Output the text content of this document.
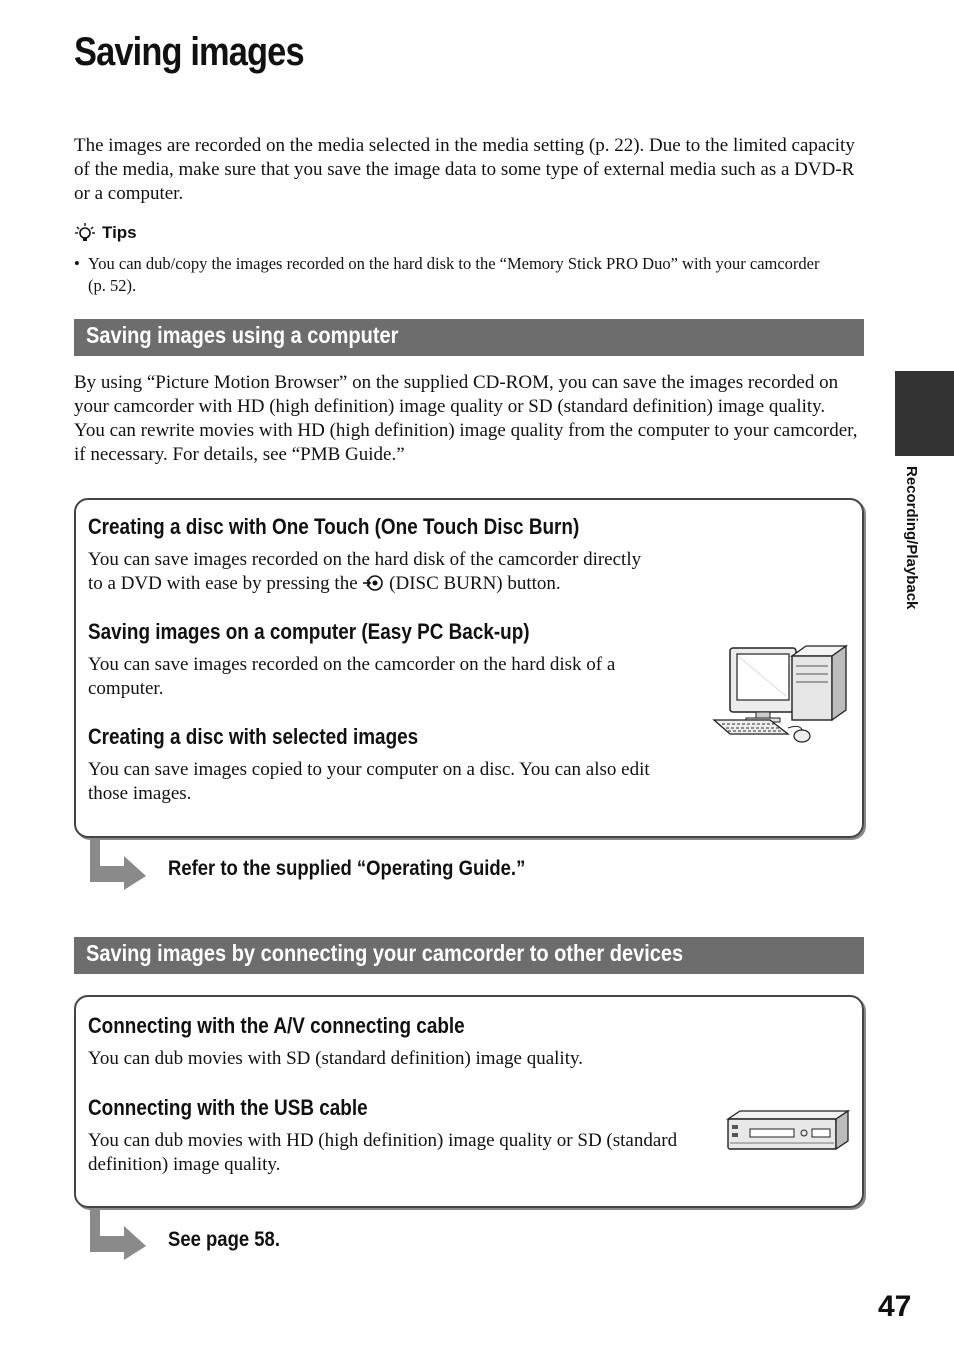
Saving images

The images are recorded on the media selected in the media setting (p. 22). Due to the limited capacity of the media, make sure that you save the image data to some type of external media such as a DVD-R or a computer.

Tips
• You can dub/copy the images recorded on the hard disk to the “Memory Stick PRO Duo” with your camcorder (p. 52).
Saving images using a computer

By using “Picture Motion Browser” on the supplied CD-ROM, you can save the images recorded on your camcorder with HD (high definition) image quality or SD (standard definition) image quality.

You can rewrite movies with HD (high definition) image quality from the computer to your camcorder, if necessary. For details, see “PMB Guide.”

Creating a disc with One Touch (One Touch Disc Burn)

You can save images recorded on the hard disk of the camcorder directly to a DVD with ease by pressing the (DISC BURN) button.

Saving images on a computer (Easy PC Back-up)

You can save images recorded on the camcorder on the hard disk of a computer.

Creating a disc with selected images

You can save images copied to your computer on a disc. You can also edit those images.

Refer to the supplied “Operating Guide.”
Saving images by connecting your camcorder to other devices
Connecting with the A/V connecting cable

You can dub movies with SD (standard definition) image quality.

Connecting with the USB cable

You can dub movies with HD (high definition) image quality or SD (standard definition) image quality.

See page 58.
Recording/Playback
47
